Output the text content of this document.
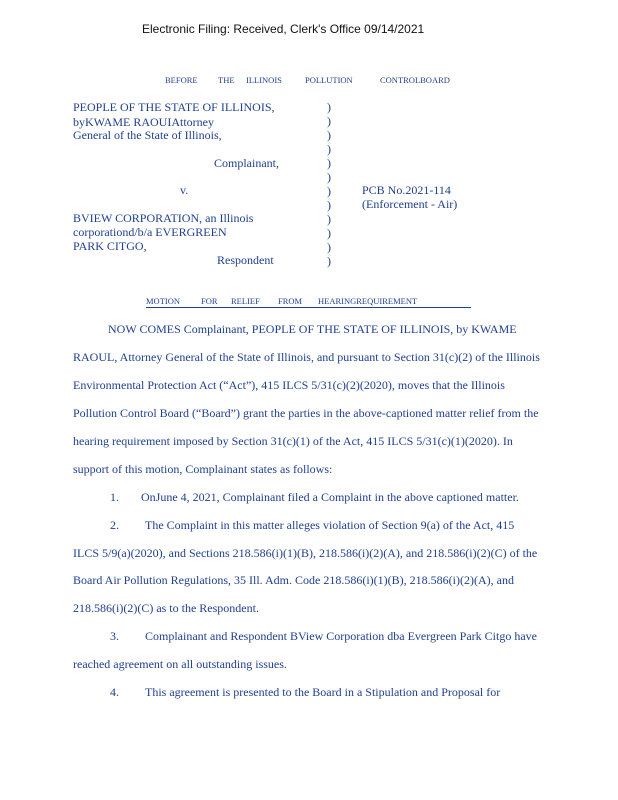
Electronic Filing: Received, Clerk's Office 09/14/2021
BEFORE THE ILLINOIS	POLLUTION	CONTROLBOARD
PEOPLE OF THE STATE OF ILLINOIS,
byKWAME RAOUIAttorney
General of the State of Illinois,
Complainant,
v.	PCB No.2021-114
(Enforcement - Air)
BVIEW CORPORATION, an Illinois
corporationd/b/a EVERGREEN
PARK CITGO,
Respondent
)
)
)
)
)
)
)
)
)
)
)
)
MOTION FOR RELIEF FROM HEARINGREQUIREMENT
NOW COMES Complainant, PEOPLE OF THE STATE OF ILLINOIS, by KWAME
RAOUL, Attorney General of the State of Illinois, and pursuant to Section 31(c)(2) of the Illinois
Environmental Protection Act (“Act”), 415 ILCS 5/31(c)(2)(2020), moves that the Illinois
Pollution Control Board (“Board”) grant the parties in the above-captioned matter relief from the
hearing requirement imposed by Section 31(c)(1) of the Act, 415 ILCS 5/31(c)(1)(2020). In
support of this motion, Complainant states as follows:
1. OnJune 4, 2021, Complainant filed a Complaint in the above captioned matter.
2. The Complaint in this matter alleges violation of Section 9(a) of the Act, 415
ILCS 5/9(a)(2020), and Sections 218.586(i)(1)(B), 218.586(i)(2)(A), and 218.586(i)(2)(C) of the
Board Air Pollution Regulations, 35 Ill. Adm. Code 218.586(i)(1)(B), 218.586(i)(2)(A), and
218.586(i)(2)(C) as to the Respondent.
3. Complainant and Respondent BView Corporation dba Evergreen Park Citgo have
reached agreement on all outstanding issues.
4. This agreement is presented to the Board in a Stipulation and Proposal for
